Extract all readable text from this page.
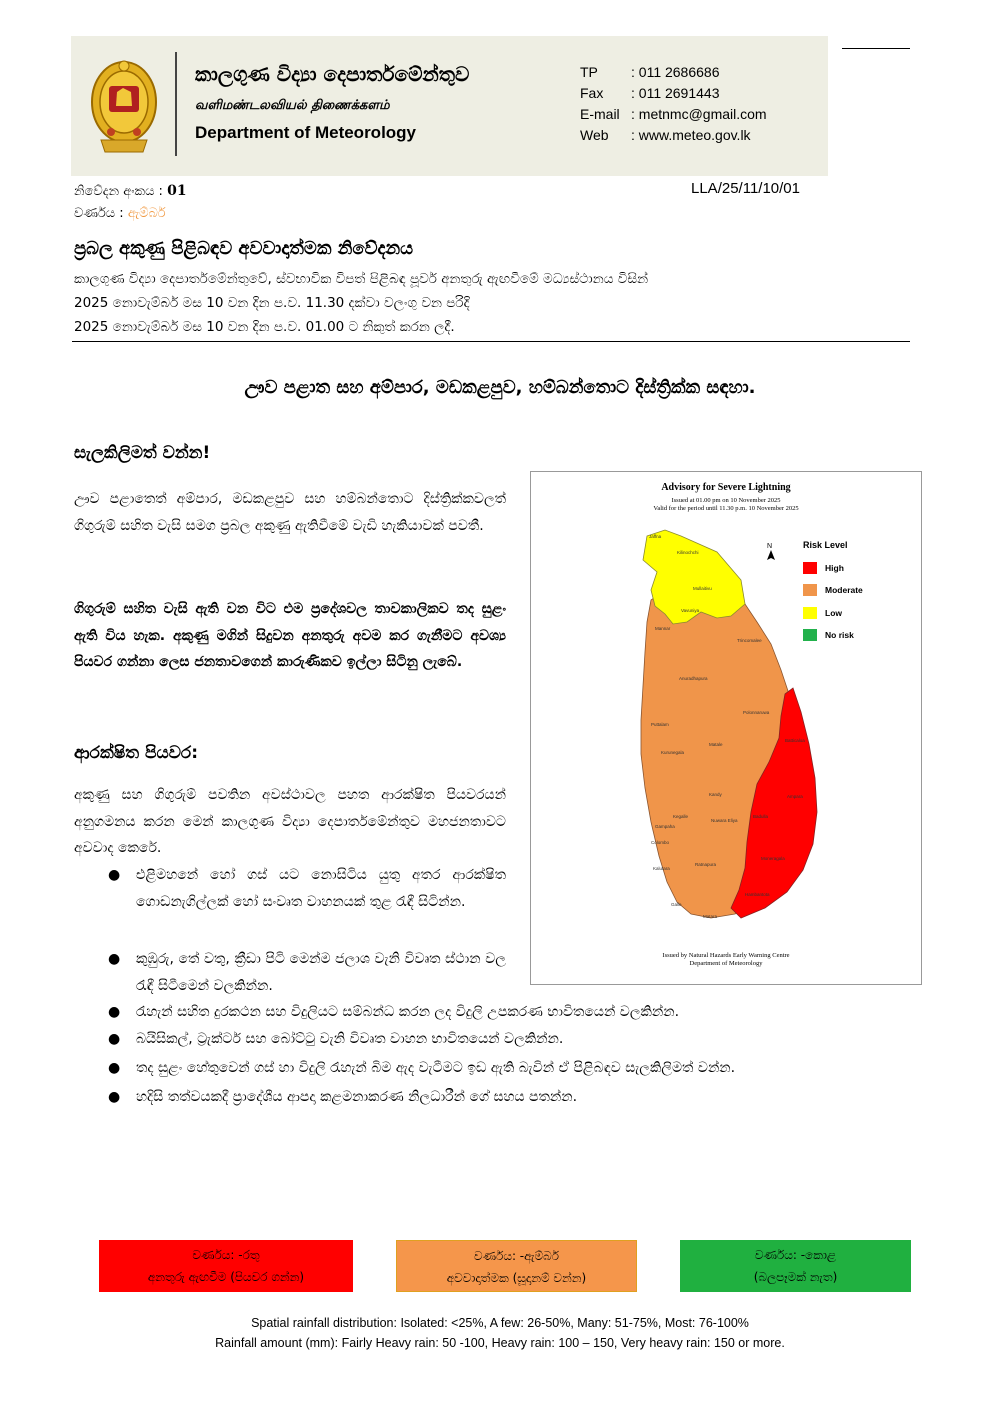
කාලගුණ විද්‍යා දෙපාර්තමේන්තුව
வளிமண்டலவியல் திணைக்களம்
Department of Meteorology
TP	: 011 2686686
Fax	: 011 2691443
E-mail : metnmc@gmail.com
Web	: www.meteo.gov.lk
නිවේදන අංකය : 01
වර්ණය : ඇම්බර්
LLA/25/11/10/01
ප්‍රබල අකුණු පිළිබඳව අවවාදාත්මක නිවේදනය
කාලගුණ විද්‍යා දෙපාර්තමේන්තුවේ, ස්වභාවික විපත් පිළිබඳ පූර්ව අනතුරු ඇඟවීමේ මධ්‍යස්ථානය විසින්
2025 නොවැම්බර් මස 10 වන දින ප.ව. 11.30 දක්වා වලංගු වන පරිදි
2025 නොවැම්බර් මස 10 වන දින ප.ව. 01.00 ට නිකුත් කරන ලදී.
ඌව පළාත සහ අම්පාර, මඩකළපුව, හම්බන්තොට දිස්ත්‍රික්ක සඳහා.
සැලකිලිමත් වන්න!
ඌව පළාතෙත් අම්පාර, මඩකළපුව සහ හම්බන්තොට දිස්ත්‍රික්කවලත් ගිගුරුම් සහිත වැසි සමග ප්‍රබල අකුණු ඇතිවීමේ වැඩි හැකියාවක් පවතී.
ගිගුරුම් සහිත වැසි ඇති වන විට එම ප්‍රදේශවල තාවකාලිකව තද සුළං ඇති විය හැක. අකුණු මගින් සිදුවන අනතුරු අවම කර ගැනීමට අවශ්‍ය පියවර ගන්නා ලෙස ජනතාවගෙන් කාරුණිකව ඉල්ලා සිටිනු ලැබේ.
ආරක්ෂිත පියවර:
අකුණු සහ ගිගුරුම් පවතින අවස්ථාවල පහත ආරක්ෂිත පියවරයන් අනුගමනය කරන මෙන් කාලගුණ විද්‍යා දෙපාර්තමේන්තුව මහජනතාවට අවවාද කෙරේ.
● එළිමහනේ හෝ ගස් යට නොසිටිය යුතු අතර ආරක්ෂිත ගොඩනැගිල්ලක් හෝ සංවෘත වාහනයක් තුළ රැඳී සිටින්න.
● කුඹුරු, තේ වතු, ක්‍රීඩා පිටි මෙන්ම ජලාශ වැනි විවෘත ස්ථාන වල රැඳී සිටීමෙන් වලකින්න.
● රැහැන් සහිත දුරකථන සහ විදුලියට සම්බන්ධ කරන ලද විදුලි උපකරණ භාවිතයෙන් වලකින්න.
● බයිසිකල්, ට්‍රැක්ටර් සහ බෝට්ටු වැනි විවෘත වාහන භාවිතයෙන් වලකින්න.
● තද සුළං හේතුවෙන් ගස් හා විදුලි රැහැන් බිම ඇද වැටීමට ඉඩ ඇති බැවින් ඒ පිළිබඳව සැලකිලිමත් වන්න.
● හදිසි තත්වයකදී ප්‍රාදේශීය ආපදා කළමනාකරණ නිලධාරීන් ගේ සහය පතන්න.
Advisory for Severe Lightning
Issued at 01.00 pm on 10 November 2025
Valid for the period until 11.30 p.m. 10 November 2025
N
Jaffna
Kilinochchi
Mullaitivu
Mannar
Vavuniya
Trincomalee
Anuradhapura
Polonnaruwa
Puttalam
Kurunegala
Matale
Batticaloa
Kandy	Ampara
Gampaha
Kegalle
Nuwara Eliya
Badulla
Colombo
Ratnapura
Moneragala
Kalutara
Galle
Matara
Hambantota
Risk Level
High
Moderate
Low
No risk
Issued by Natural Hazards Early Warning Centre
Department of Meteorology
වර්ණය: -රතු
අනතුරු ඇඟවීම (පියවර ගන්න)
වර්ණය: -ඇම්බර්
අවවාදාත්මක (සූදානම් වන්න)
වර්ණය: -කොළ
(බලපෑමක් නැත)
Spatial rainfall distribution: Isolated: <25%, A few: 26-50%, Many: 51-75%, Most: 76-100%
Rainfall amount (mm): Fairly Heavy rain: 50 -100, Heavy rain: 100 – 150, Very heavy rain: 150 or more.
